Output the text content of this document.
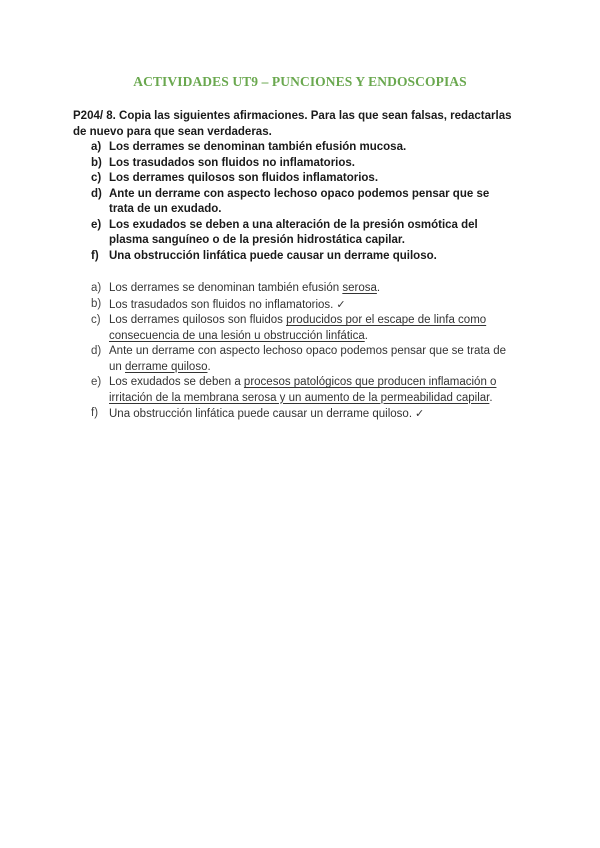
ACTIVIDADES UT9 – PUNCIONES Y ENDOSCOPIAS
P204/ 8. Copia las siguientes afirmaciones. Para las que sean falsas, redactarlas de nuevo para que sean verdaderas.
a) Los derrames se denominan también efusión mucosa.
b) Los trasudados son fluidos no inflamatorios.
c) Los derrames quilosos son fluidos inflamatorios.
d) Ante un derrame con aspecto lechoso opaco podemos pensar que se trata de un exudado.
e) Los exudados se deben a una alteración de la presión osmótica del plasma sanguíneo o de la presión hidrostática capilar.
f) Una obstrucción linfática puede causar un derrame quiloso.
a) Los derrames se denominan también efusión serosa.
b) Los trasudados son fluidos no inflamatorios. ✓
c) Los derrames quilosos son fluidos producidos por el escape de linfa como consecuencia de una lesión u obstrucción linfática.
d) Ante un derrame con aspecto lechoso opaco podemos pensar que se trata de un derrame quiloso.
e) Los exudados se deben a procesos patológicos que producen inflamación o irritación de la membrana serosa y un aumento de la permeabilidad capilar.
f) Una obstrucción linfática puede causar un derrame quiloso. ✓
